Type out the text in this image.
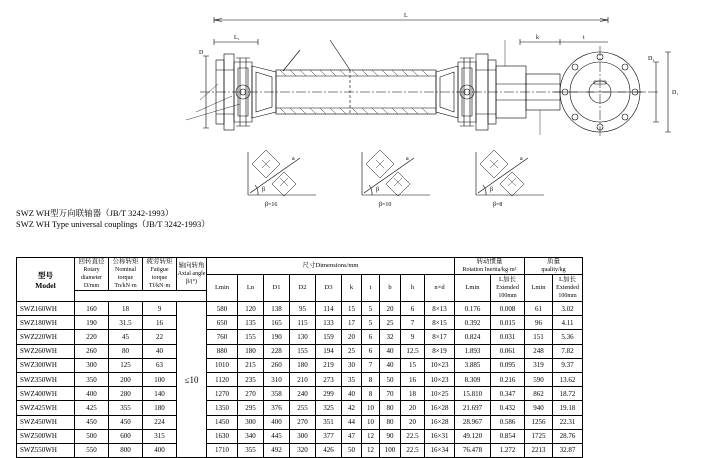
L
L₁	k	t
D
D₁
D₂
β=16	β=10	β=8
β	β	β
a	a	a
SWZ WH型万向联轴器（JB/T 3242-1993）
SWZ WH Type universal couplings（JB/T 3242-1993）
型号
Model

回转直径
Rotary diameter
D/mm

公称转矩
Nominal torque
Tn/kN·m

疲劳转矩
Fatigue torque
Tf/kN·m

轴向转角
Axial angle
β/(°)
	尺寸Dimensions/mm	
转动惯量
Rotation Inertia/kg·m²

质量
quality/kg

Lmin	Ln	D1	D2	D3	k	t	b	h	n×d	Lmin	
L加长
Extended
100mm
	Lmin	
L加长
Extended
100mm

SWZ160WH	160	18	9	≤10	580	120	138	95	114	15	5	20	6	8×13	0.176	0.008	61	3.02
SWZ180WH	190	31.5	16		650	135	165	115	133	17	5	25	7	8×15	0.392	0.015	96	4.11
SWZ220WH	220	45	22		760	155	190	130	159	20	6	32	9	8×17	0.824	0.031	151	5.36
SWZ260WH	260	80	40		880	180	228	155	194	25	6	40	12.5	8×19	1.893	0.061	248	7.82
SWZ300WH	300	125	63		1010	215	260	180	219	30	7	40	15	10×23	3.885	0.095	319	9.37
SWZ350WH	350	200	100		1120	235	310	210	273	35	8	50	16	10×23	8.309	0.216	590	13.62
SWZ400WH	400	280	140		1270	270	358	240	299	40	8	70	18	10×25	15.810	0.347	862	18.72
SWZ425WH	425	355	180		1350	295	376	255	325	42	10	80	20	16×28	21.697	0.432	940	19.18
SWZ450WH	450	450	224		1450	300	400	270	351	44	10	80	20	16×28	28.967	0.586	1256	22.31
SWZ500WH	500	600	315		1630	340	445	300	377	47	12	90	22.5	16×31	49.120	0.854	1725	28.76
SWZ550WH	550	800	400		1710	355	492	320	426	50	12	100	22.5	16×34	76.478	1.272	2213	32.87
